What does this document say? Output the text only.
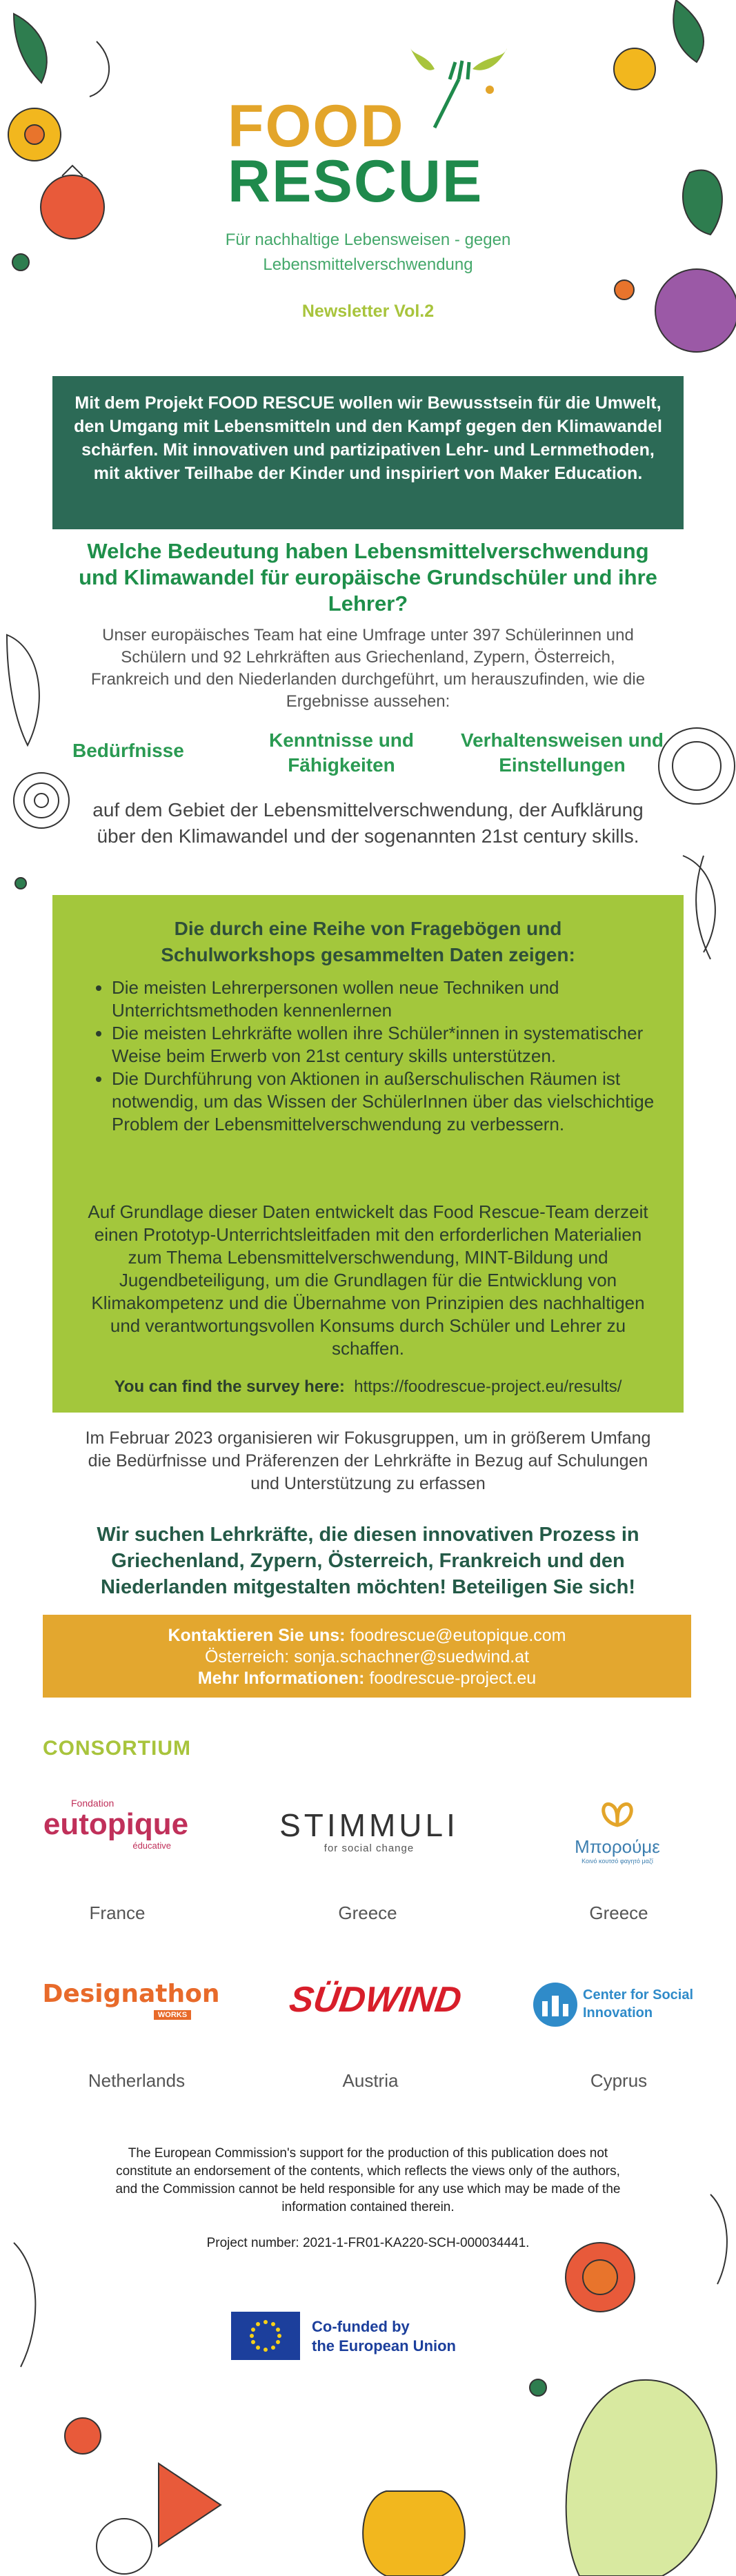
FOOD
RESCUE
Für nachhaltige Lebensweisen - gegen Lebensmittelverschwendung
Newsletter Vol.2

Mit dem Projekt FOOD RESCUE wollen wir Bewusstsein für die Umwelt, den Umgang mit Lebensmitteln und den Kampf gegen den Klimawandel schärfen. Mit innovativen und partizipativen Lehr- und Lernmethoden, mit aktiver Teilhabe der Kinder und inspiriert von Maker Education.

Welche Bedeutung haben Lebensmittelverschwendung und Klimawandel für europäische Grundschüler und ihre Lehrer?
Unser europäisches Team hat eine Umfrage unter 397 Schülerinnen und Schülern und 92 Lehrkräften aus Griechenland, Zypern, Österreich, Frankreich und den Niederlanden durchgeführt, um herauszufinden, wie die Ergebnisse aussehen:
Bedürfnisse	Kenntnisse und Fähigkeiten
Verhaltensweisen und Einstellungen
auf dem Gebiet der Lebensmittelverschwendung, der Aufklärung über den Klimawandel und der sogenannten 21st century skills.
Die durch eine Reihe von Fragebögen und Schulworkshops gesammelten Daten zeigen:
• Die meisten Lehrerpersonen wollen neue Techniken und Unterrichtsmethoden kennenlernen
• Die meisten Lehrkräfte wollen ihre Schüler*innen in systematischer Weise beim Erwerb von 21st century skills unterstützen.
• Die Durchführung von Aktionen in außerschulischen Räumen ist notwendig, um das Wissen der SchülerInnen über das vielschichtige Problem der Lebensmittelverschwendung zu verbessern.
Auf Grundlage dieser Daten entwickelt das Food Rescue-Team derzeit einen Prototyp-Unterrichtsleitfaden mit den erforderlichen Materialien zum Thema Lebensmittelverschwendung, MINT-Bildung und Jugendbeteiligung, um die Grundlagen für die Entwicklung von Klimakompetenz und die Übernahme von Prinzipien des nachhaltigen und verantwortungsvollen Konsums durch Schüler und Lehrer zu schaffen.
You can find the survey here: https://foodrescue-project.eu/results/
Im Februar 2023 organisieren wir Fokusgruppen, um in größerem Umfang die Bedürfnisse und Präferenzen der Lehrkräfte in Bezug auf Schulungen und Unterstützung zu erfassen
Wir suchen Lehrkräfte, die diesen innovativen Prozess in Griechenland, Zypern, Österreich, Frankreich und den Niederlanden mitgestalten möchten! Beteiligen Sie sich!
Kontaktieren Sie uns: foodrescue@eutopique.com
Österreich: sonja.schachner@suedwind.at
Mehr Informationen: foodrescue-project.eu
CONSORTIUM
Fondation
eutopique
éducative
France
STIMMULI
for social change
Greece
Μπορούμε
Κοινό κουτσό φαγητό μαζί
Greece
Designathon
WORKS
Netherlands
SÜDWIND
Austria
Center for Social Innovation
Cyprus
The European Commission's support for the production of this publication does not constitute an endorsement of the contents, which reflects the views only of the authors, and the Commission cannot be held responsible for any use which may be made of the information contained therein.
Project number: 2021-1-FR01-KA220-SCH-000034441.
Co-funded by
the European Union
